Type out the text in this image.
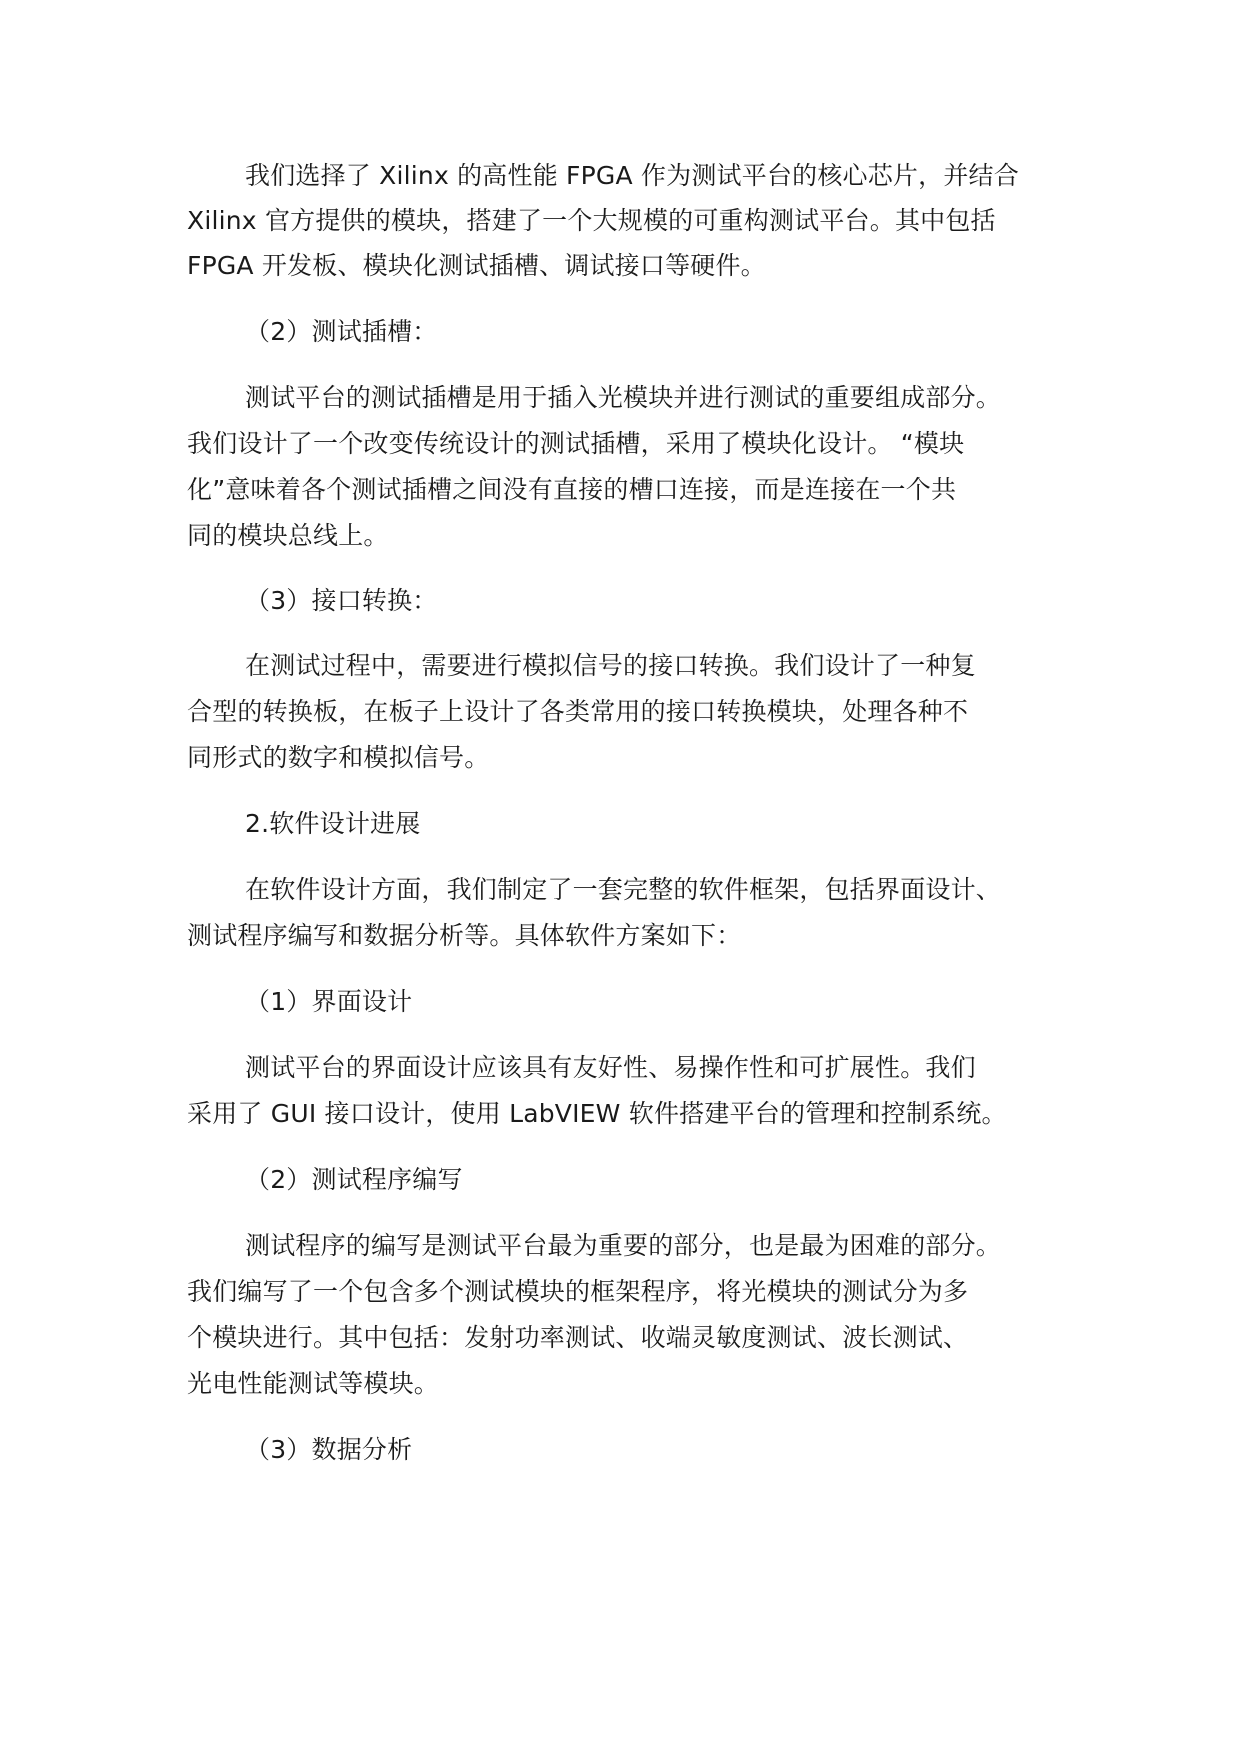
我们选择了 Xilinx 的高性能 FPGA 作为测试平台的核心芯片，并结合
Xilinx 官方提供的模块，搭建了一个大规模的可重构测试平台。其中包括
FPGA 开发板、模块化测试插槽、调试接口等硬件。
（2）测试插槽：
测试平台的测试插槽是用于插入光模块并进行测试的重要组成部分。
我们设计了一个改变传统设计的测试插槽，采用了模块化设计。 “模块
化”意味着各个测试插槽之间没有直接的槽口连接，而是连接在一个共
同的模块总线上。
（3）接口转换：
在测试过程中，需要进行模拟信号的接口转换。我们设计了一种复
合型的转换板，在板子上设计了各类常用的接口转换模块，处理各种不
同形式的数字和模拟信号。
2.软件设计进展
在软件设计方面，我们制定了一套完整的软件框架，包括界面设计、
测试程序编写和数据分析等。具体软件方案如下：
（1）界面设计
测试平台的界面设计应该具有友好性、易操作性和可扩展性。我们
采用了 GUI 接口设计，使用 LabVIEW 软件搭建平台的管理和控制系统。
（2）测试程序编写
测试程序的编写是测试平台最为重要的部分，也是最为困难的部分。
我们编写了一个包含多个测试模块的框架程序，将光模块的测试分为多
个模块进行。其中包括：发射功率测试、收端灵敏度测试、波长测试、
光电性能测试等模块。
（3）数据分析
